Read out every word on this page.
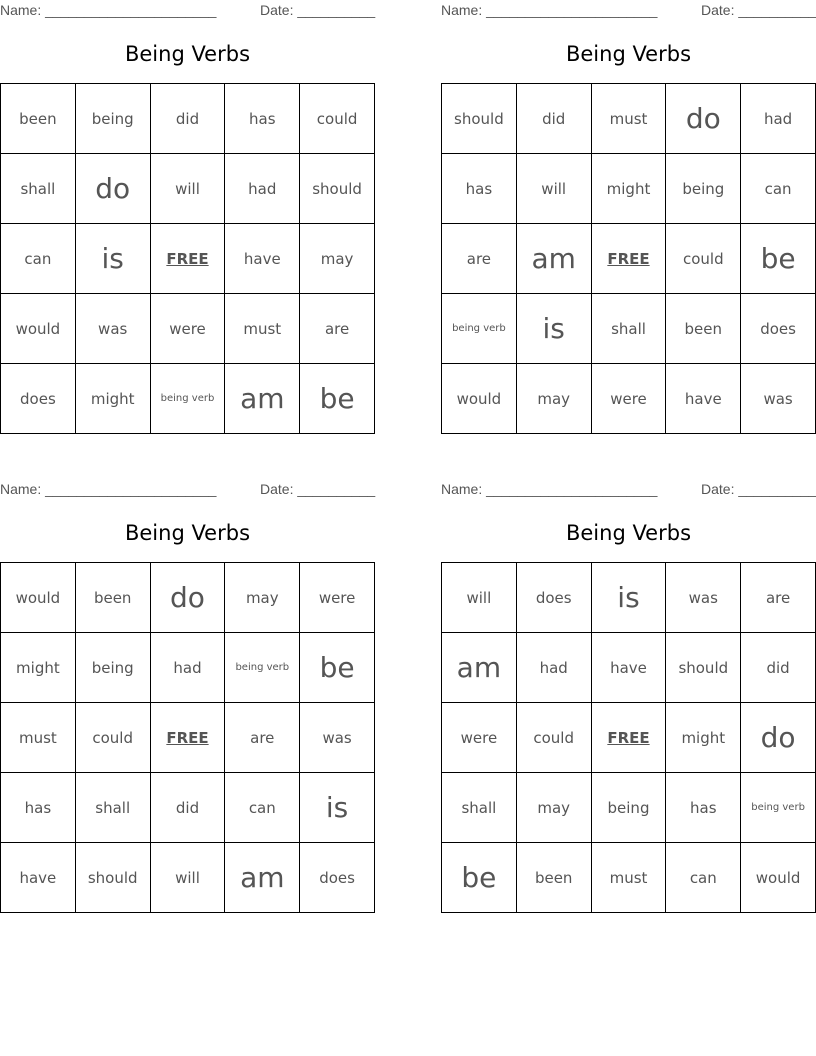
Name: ______________________	Date: __________
Being Verbs
been	being	did	has	could
shall	do	will	had	should
can	is	FREE	have	may
would	was	were	must	are
does	might	being verb	am	be
Name: ______________________	Date: __________
Being Verbs
should	did	must	do	had
has	will	might	being	can
are	am	FREE	could	be
being verb	is	shall	been	does
would	may	were	have	was
Name: ______________________	Date: __________
Being Verbs
would	been	do	may	were
might	being	had	being verb	be
must	could	FREE	are	was
has	shall	did	can	is
have	should	will	am	does
Name: ______________________	Date: __________
Being Verbs
will	does	is	was	are
am	had	have	should	did
were	could	FREE	might	do
shall	may	being	has	being verb
be	been	must	can	would
